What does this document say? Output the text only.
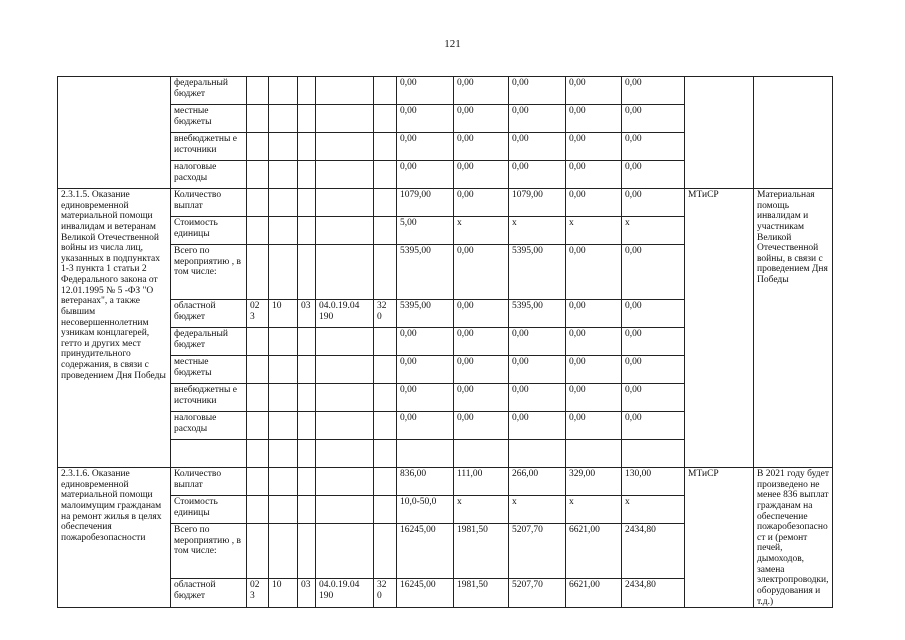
121
	федеральный бюджет						0,00	0,00	0,00	0,00	0,00		
	местные бюджеты						0,00	0,00	0,00	0,00	0,00		
	внебюджетны е источники						0,00	0,00	0,00	0,00	0,00		
	налоговые расходы						0,00	0,00	0,00	0,00	0,00		
2.3.1.5. Оказание единовременной материальной помощи инвалидам и ветеранам Великой Отечественной войны из числа лиц, указанных в подпунктах 1-3 пункта 1 статьи 2 Федерального закона от 12.01.1995 № 5 -ФЗ "О ветеранах", а также бывшим несовершеннолетним узникам концлагерей, гетто и других мест принудительного содержания, в связи с проведением Дня Победы	Количество выплат						1079,00	0,00	1079,00	0,00	0,00	МТиСР	Материальная помощь инвалидам и участникам Великой Отечественной войны, в связи с проведением Дня Победы
	Стоимость единицы						5,00	x	x	x	x		
	Всего по мероприятию , в том числе:						5395,00	0,00	5395,00	0,00	0,00		
	областной бюджет	02 3	10	03	04.0.19.04 190	32 0	5395,00	0,00	5395,00	0,00	0,00		
	федеральный бюджет						0,00	0,00	0,00	0,00	0,00		
	местные бюджеты						0,00	0,00	0,00	0,00	0,00		
	внебюджетны е источники						0,00	0,00	0,00	0,00	0,00		
	налоговые расходы						0,00	0,00	0,00	0,00	0,00		

2.3.1.6. Оказание единовременной материальной помощи малоимущим гражданам на ремонт жилья в целях обеспечения пожаробезопасности	Количество выплат						836,00	111,00	266,00	329,00	130,00	МТиСР	В 2021 году будет произведено не менее 836 выплат гражданам на обеспечение пожаробезопасност и (ремонт печей, дымоходов, замена электропроводки, оборудования и т.д.)
	Стоимость единицы						10,0-50,0	x	x	x	x		
	Всего по мероприятию , в том числе:						16245,00	1981,50	5207,70	6621,00	2434,80		
	областной бюджет	02 3	10	03	04.0.19.04 190	32 0	16245,00	1981,50	5207,70	6621,00	2434,80		
